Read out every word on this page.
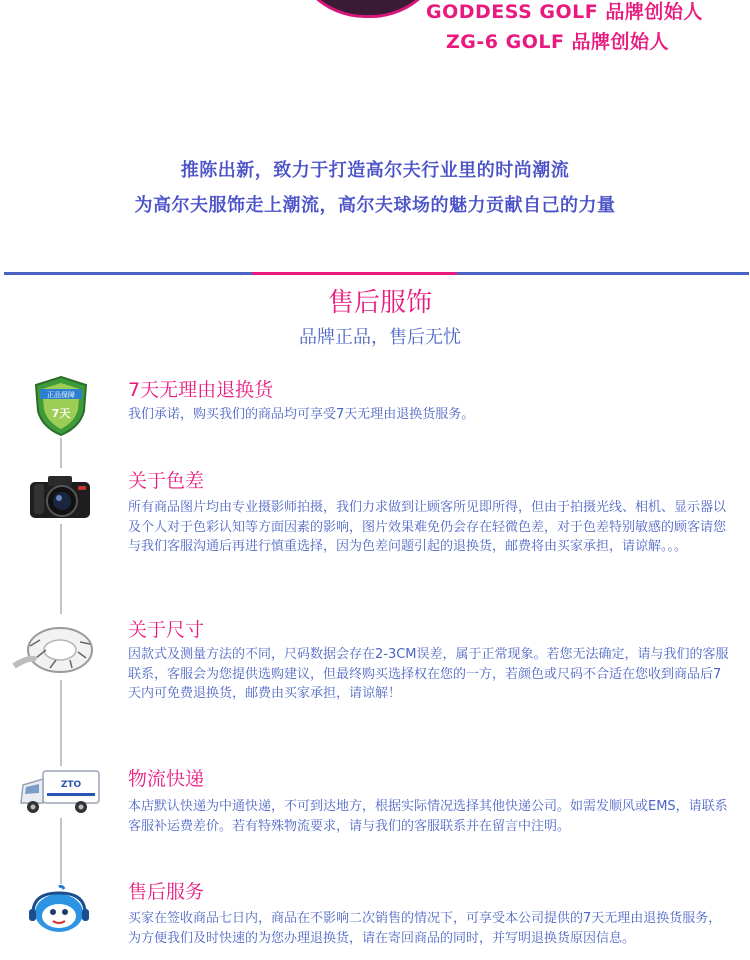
GODDESS GOLF 品牌创始人
ZG-6 GOLF 品牌创始人
推陈出新，致力于打造高尔夫行业里的时尚潮流
为高尔夫服饰走上潮流，高尔夫球场的魅力贡献自己的力量
售后服饰
品牌正品，售后无忧
正品保障
7天
7天无理由退换货
我们承诺，购买我们的商品均可享受7天无理由退换货服务。
关于色差
所有商品图片均由专业摄影师拍摄，我们力求做到让顾客所见即所得，但由于拍摄光线、相机、显示器以及个人对于色彩认知等方面因素的影响，图片效果难免仍会存在轻微色差，对于色差特别敏感的顾客请您与我们客服沟通后再进行慎重选择，因为色差问题引起的退换货，邮费将由买家承担，请谅解。。。
关于尺寸
因款式及测量方法的不同，尺码数据会存在2-3CM误差，属于正常现象。若您无法确定，请与我们的客服联系，客服会为您提供选购建议，但最终购买选择权在您的一方，若颜色或尺码不合适在您收到商品后7天内可免费退换货，邮费由买家承担，请谅解！
ZTO 物流快递
本店默认快递为中通快递，不可到达地方，根据实际情况选择其他快递公司。如需发顺风或EMS，请联系客服补运费差价。若有特殊物流要求，请与我们的客服联系并在留言中注明。
售后服务
买家在签收商品七日内，商品在不影响二次销售的情况下，可享受本公司提供的7天无理由退换货服务，为方便我们及时快速的为您办理退换货，请在寄回商品的同时，并写明退换货原因信息。
